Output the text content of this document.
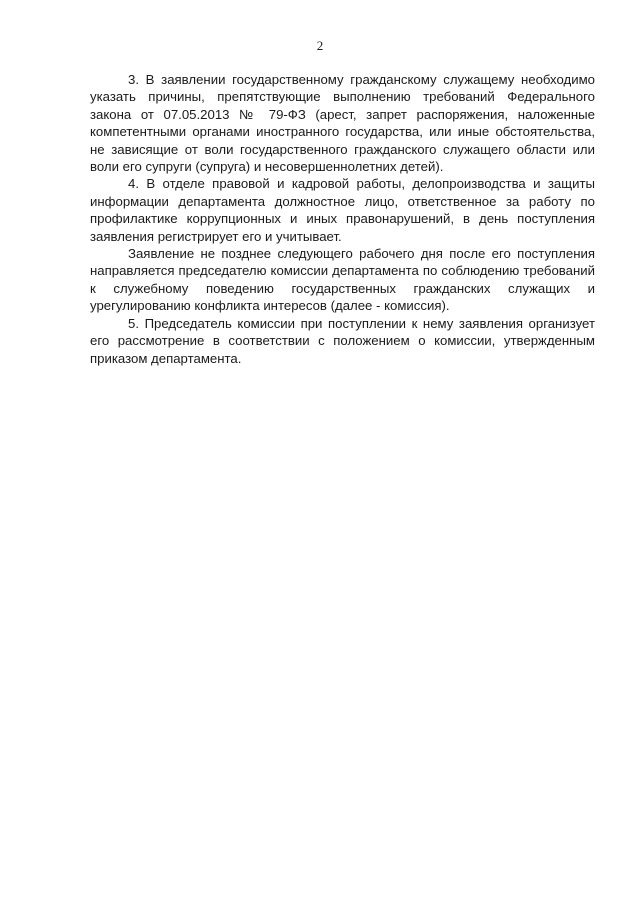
2

3. В заявлении государственному гражданскому служащему необходимо указать причины, препятствующие выполнению требований Федерального закона от 07.05.2013 № 79-ФЗ (арест, запрет распоряжения, наложенные компетентными органами иностранного государства, или иные обстоятельства, не зависящие от воли государственного гражданского служащего области или воли его супруги (супруга) и несовершеннолетних детей).

4. В отделе правовой и кадровой работы, делопроизводства и защиты информации департамента должностное лицо, ответственное за работу по профилактике коррупционных и иных правонарушений, в день поступления заявления регистрирует его и учитывает.

Заявление не позднее следующего рабочего дня после его поступления направляется председателю комиссии департамента по соблюдению требований к служебному поведению государственных гражданских служащих и урегулированию конфликта интересов (далее - комиссия).

5. Председатель комиссии при поступлении к нему заявления организует его рассмотрение в соответствии с положением о комиссии, утвержденным приказом департамента.
